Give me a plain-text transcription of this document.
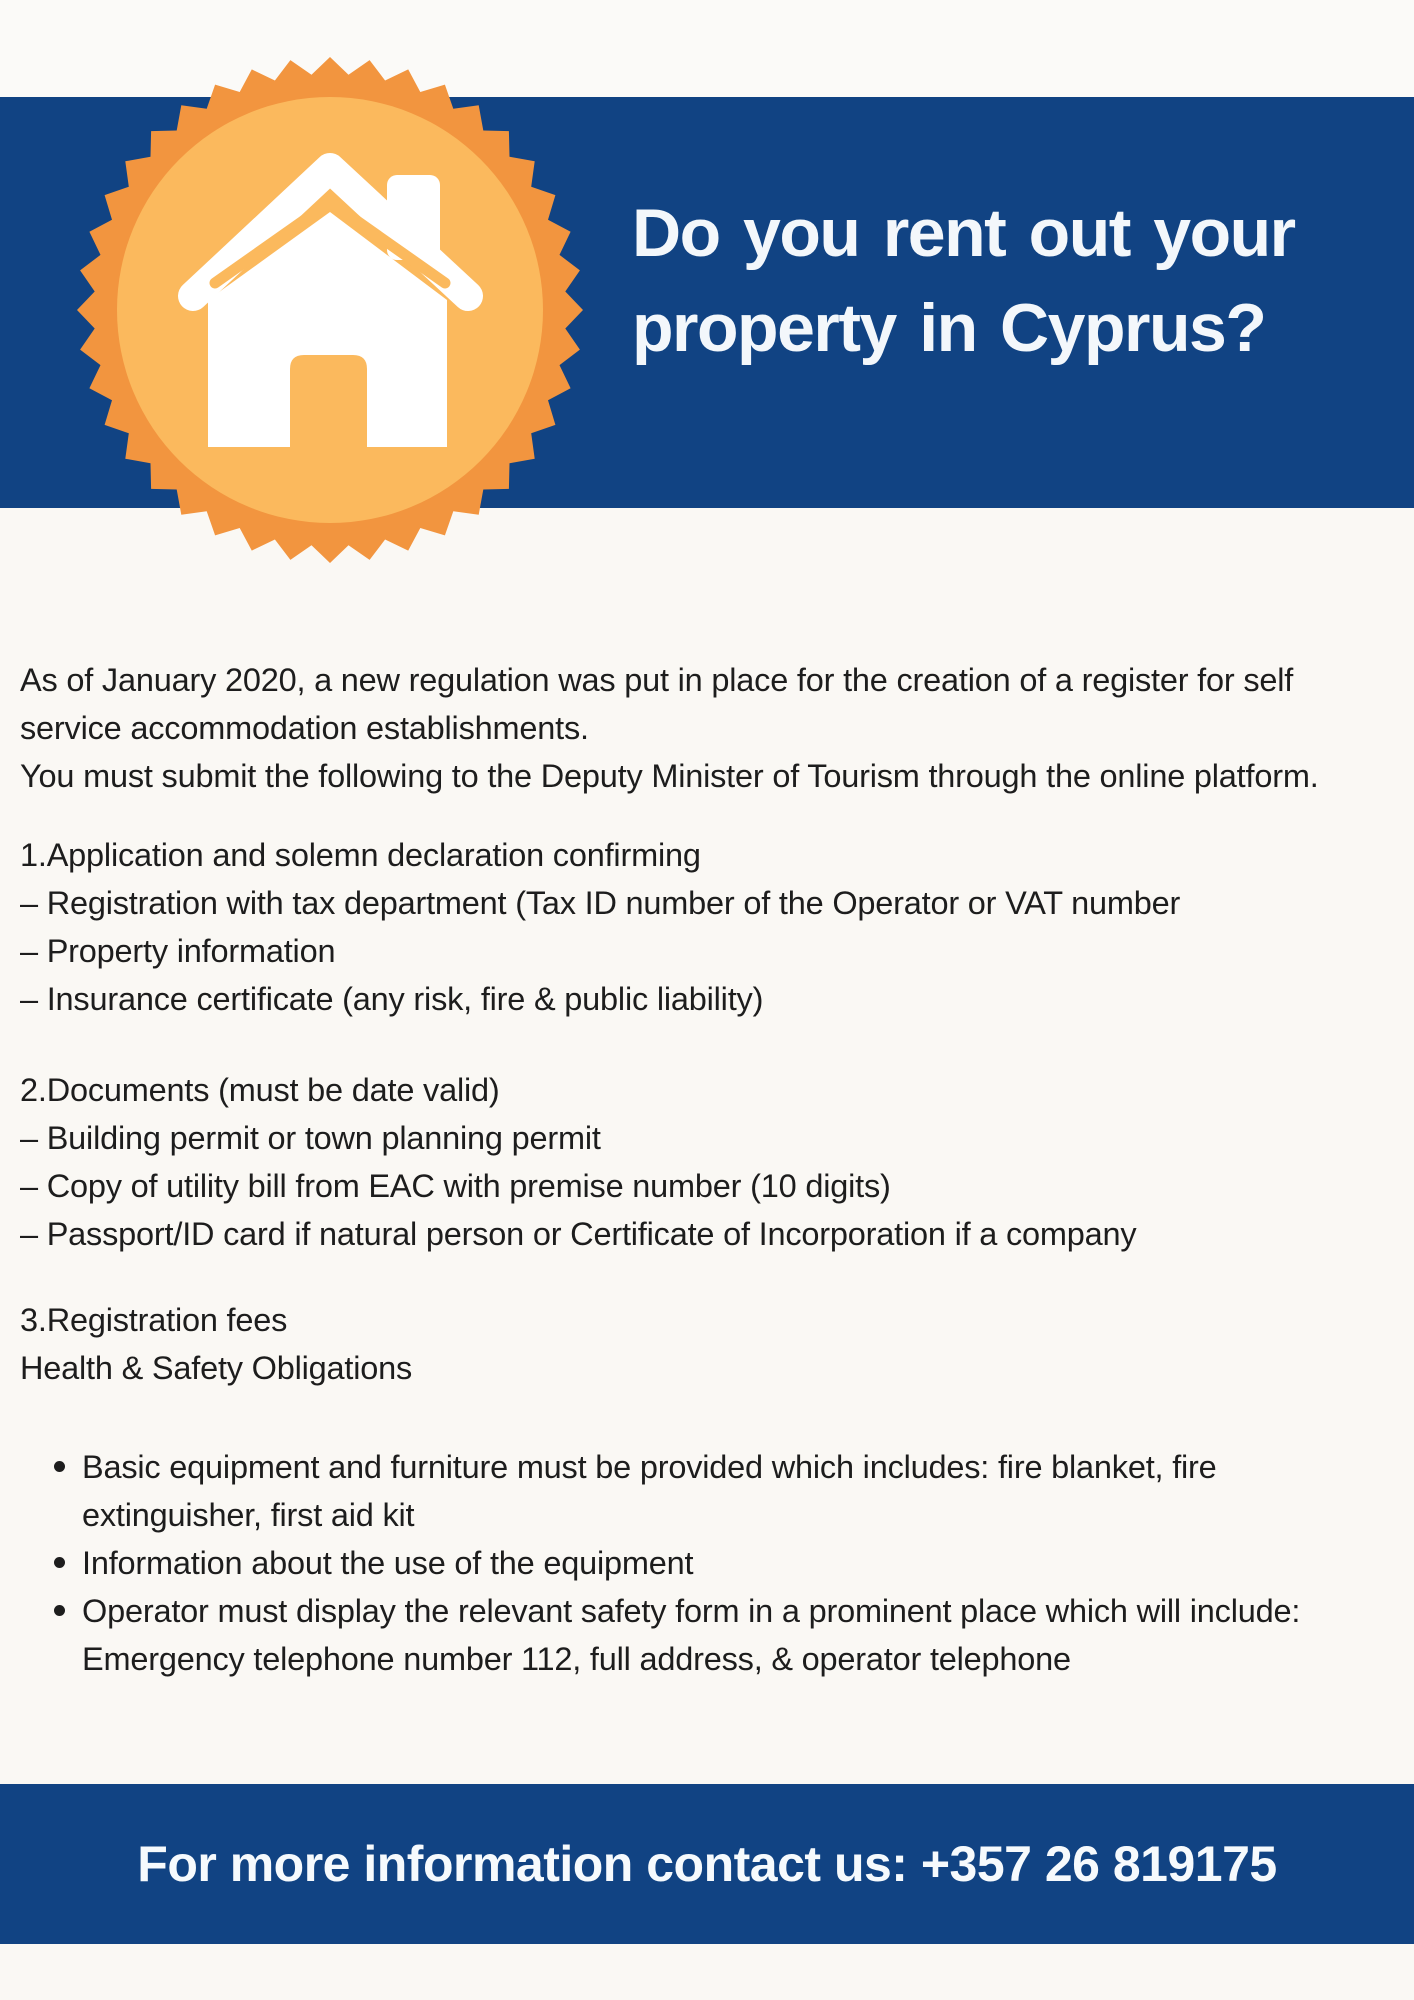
Do you rent out your
property in Cyprus?

As of January 2020, a new regulation was put in place for the creation of a register for self service accommodation establishments.

You must submit the following to the Deputy Minister of Tourism through the online platform.

1.Application and solemn declaration confirming

– Registration with tax department (Tax ID number of the Operator or VAT number

– Property information

– Insurance certificate (any risk, fire & public liability)

2.Documents (must be date valid)

– Building permit or town planning permit

– Copy of utility bill from EAC with premise number (10 digits)

– Passport/ID card if natural person or Certificate of Incorporation if a company

3.Registration fees

Health & Safety Obligations

Basic equipment and furniture must be provided which includes: fire blanket, fire extinguisher, first aid kit
Information about the use of the equipment
Operator must display the relevant safety form in a prominent place which will include: Emergency telephone number 112, full address, & operator telephone

For more information contact us: +357 26 819175
